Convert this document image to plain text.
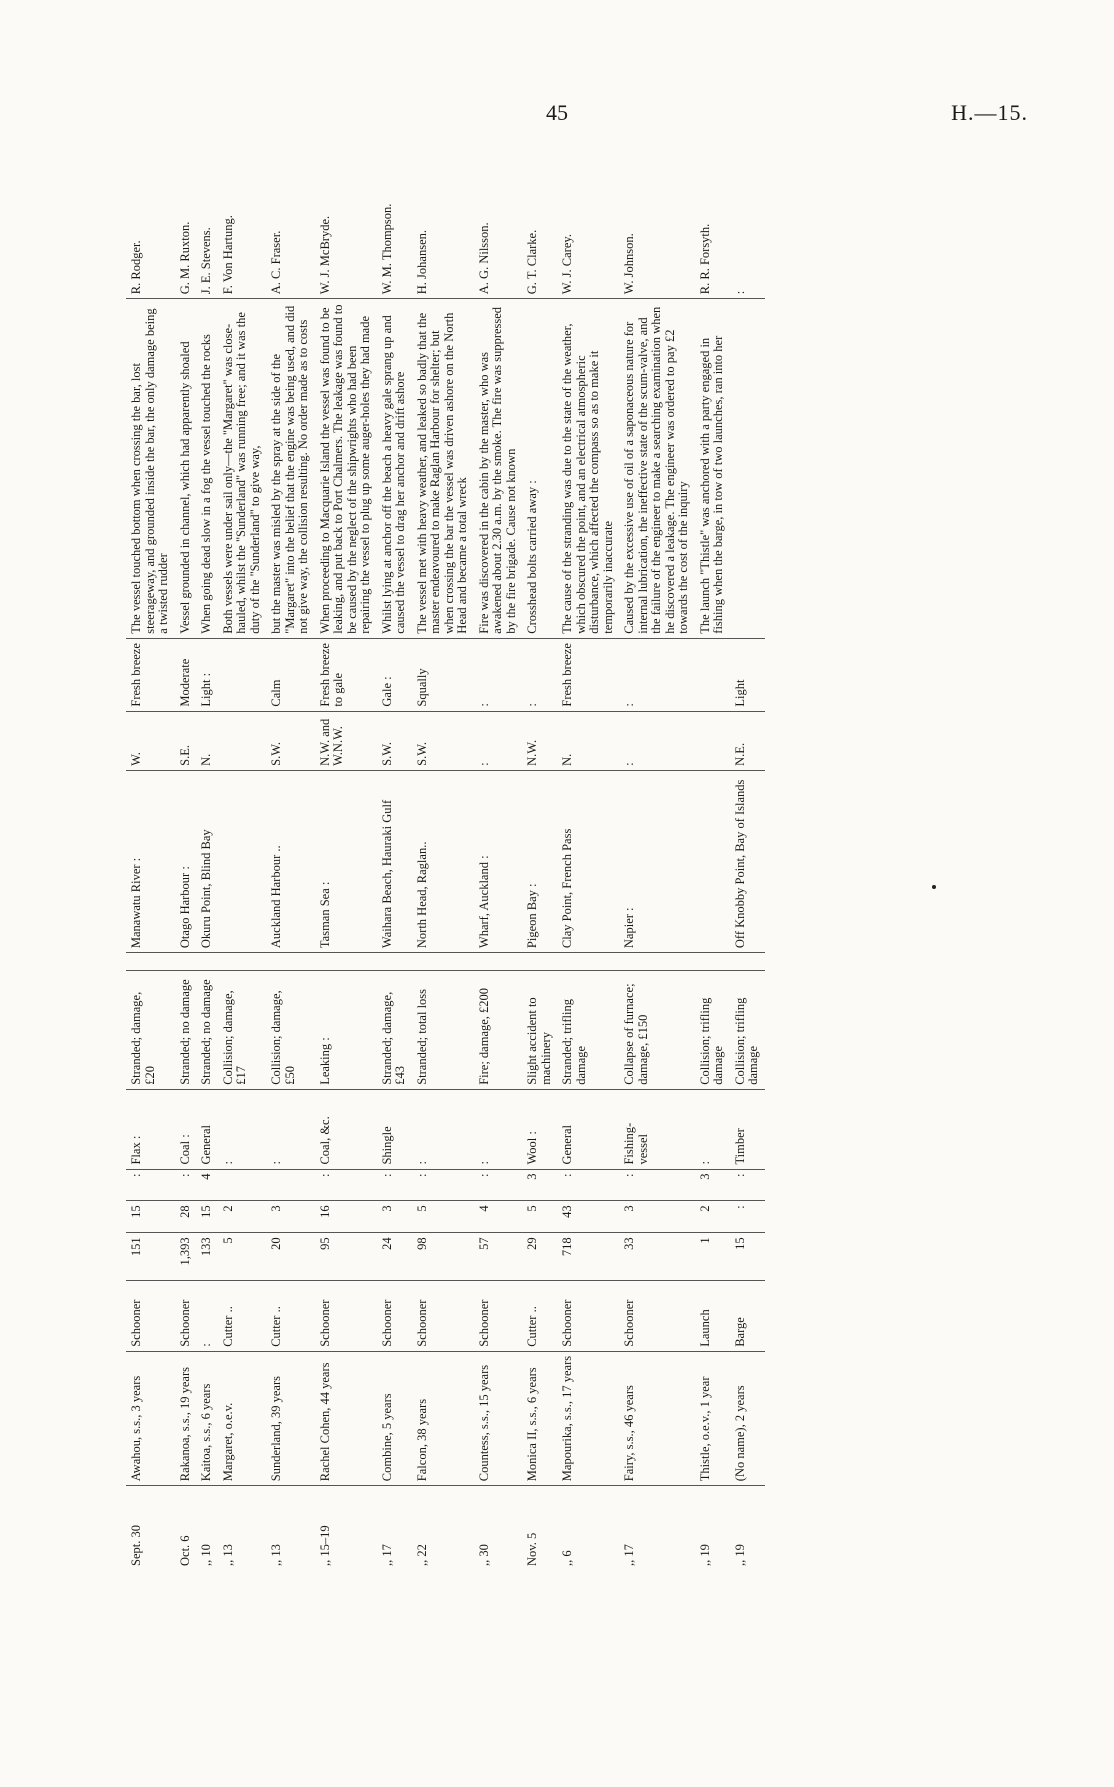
45	H.—15.
Sept. 30	Awahou, s.s., 3 years	Schooner	151	15	:	Flax :	Stranded; damage, £20		Manawatu River :	W.	Fresh breeze	The vessel touched bottom when crossing the bar, lost steerageway, and grounded inside the bar, the only damage being a twisted rudder	R. Rodger.
Oct. 6	Rakanoa, s.s., 19 years	Schooner	1,393	28	:	Coal :	Stranded; no damage		Otago Harbour :	S.E.	Moderate	Vessel grounded in channel, which had apparently shoaled	G. M. Ruxton.
,, 10	Kaitoa, s.s., 6 years	:	133	15	4	General	Stranded; no damage		Okuru Point, Blind Bay	N.	Light :	When going dead slow in a fog the vessel touched the rocks	J. E. Stevens.
,, 13	Margaret, o.e.v.	Cutter ..	5	2		:	Collision; damage, £17					Both vessels were under sail only—the "Margaret" was close-hauled, whilst the "Sunderland" was running free; and it was the duty of the "Sunderland" to give way,	F. Von Hartung.
,, 13	Sunderland, 39 years	Cutter ..	20	3		:	Collision; damage, £50		Auckland Harbour ..	S.W.	Calm	but the master was misled by the spray at the side of the "Margaret" into the belief that the engine was being used, and did not give way, the collision resulting. No order made as to costs	A. C. Fraser.
,, 15–19	Rachel Cohen, 44 years	Schooner	95	16	:	Coal, &c.	Leaking :		Tasman Sea :	N.W. and W.N.W.	Fresh breeze to gale	When proceeding to Macquarie Island the vessel was found to be leaking, and put back to Port Chalmers. The leakage was found to be caused by the neglect of the shipwrights who had been repairing the vessel to plug up some auger-holes they had made	W. J. McBryde.
,, 17	Combine, 5 years	Schooner	24	3	:	Shingle	Stranded; damage, £43		Waihara Beach, Hauraki Gulf	S.W.	Gale :	Whilst lying at anchor off the beach a heavy gale sprang up and caused the vessel to drag her anchor and drift ashore	W. M. Thompson.
,, 22	Falcon, 38 years	Schooner	98	5	:	:	Stranded; total loss		North Head, Raglan..	S.W.	Squally	The vessel met with heavy weather, and leaked so badly that the master endeavoured to make Raglan Harbour for shelter; but when crossing the bar the vessel was driven ashore on the North Head and became a total wreck	H. Johansen.
,, 30	Countess, s.s., 15 years	Schooner	57	4	:	:	Fire; damage, £200		Wharf, Auckland :	:	:	Fire was discovered in the cabin by the master, who was awakened about 2.30 a.m. by the smoke. The fire was suppressed by the fire brigade. Cause not known	A. G. Nilsson.
Nov. 5	Monica II, s.s., 6 years	Cutter ..	29	5	3	Wool :	Slight accident to machinery		Pigeon Bay :	N.W.	:	Crosshead bolts carried away :	G. T. Clarke.
,, 6	Mapourika, s.s., 17 years	Schooner	718	43	:	General	Stranded; trifling damage		Clay Point, French Pass	N.	Fresh breeze	The cause of the stranding was due to the state of the weather, which obscured the point, and an electrical atmospheric disturbance, which affected the compass so as to make it temporarily inaccurate	W. J. Carey.
,, 17	Fairy, s.s., 46 years	Schooner	33	3	:	Fishing-vessel	Collapse of furnace; damage, £150		Napier :	:	:	Caused by the excessive use of oil of a saponaceous nature for internal lubrication, the ineffective state of the scum-valve, and the failure of the engineer to make a searching examination when he discovered a leakage. The engineer was ordered to pay £2 towards the cost of the inquiry	W. Johnson.
,, 19	Thistle, o.e.v., 1 year	Launch	1	2	3	:	Collision; trifling damage					The launch "Thistle" was anchored with a party engaged in fishing when the barge, in tow of two launches, ran into her	R. R. Forsyth.
,, 19	(No name), 2 years	Barge	15	:	:	Timber	Collision; trifling damage		Off Knobby Point, Bay of Islands	N.E.	Light		:
